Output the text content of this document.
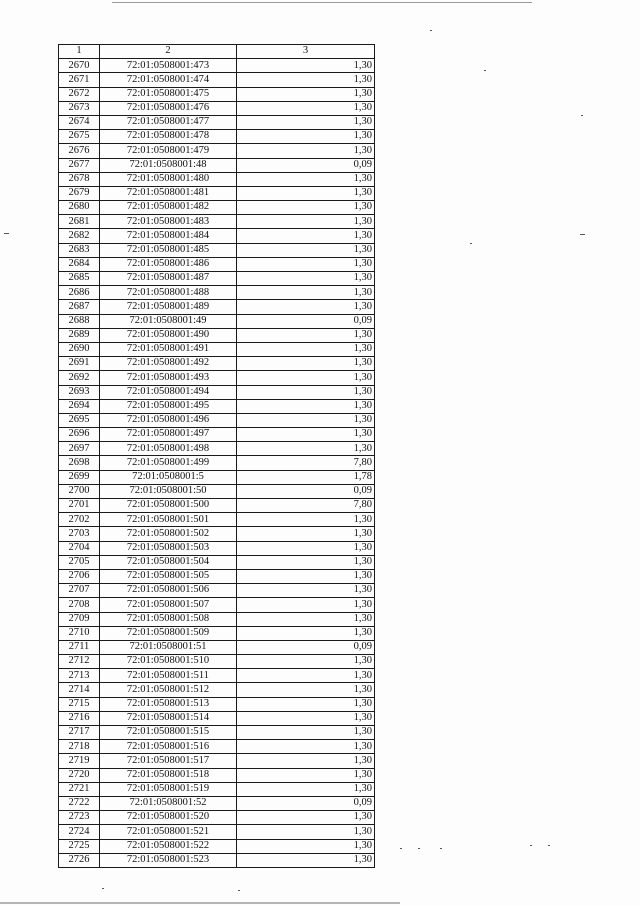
1	2	3
2670	72:01:0508001:473	1,30
2671	72:01:0508001:474	1,30
2672	72:01:0508001:475	1,30
2673	72:01:0508001:476	1,30
2674	72:01:0508001:477	1,30
2675	72:01:0508001:478	1,30
2676	72:01:0508001:479	1,30
2677	72:01:0508001:48	0,09
2678	72:01:0508001:480	1,30
2679	72:01:0508001:481	1,30
2680	72:01:0508001:482	1,30
2681	72:01:0508001:483	1,30
2682	72:01:0508001:484	1,30
2683	72:01:0508001:485	1,30
2684	72:01:0508001:486	1,30
2685	72:01:0508001:487	1,30
2686	72:01:0508001:488	1,30
2687	72:01:0508001:489	1,30
2688	72:01:0508001:49	0,09
2689	72:01:0508001:490	1,30
2690	72:01:0508001:491	1,30
2691	72:01:0508001:492	1,30
2692	72:01:0508001:493	1,30
2693	72:01:0508001:494	1,30
2694	72:01:0508001:495	1,30
2695	72:01:0508001:496	1,30
2696	72:01:0508001:497	1,30
2697	72:01:0508001:498	1,30
2698	72:01:0508001:499	7,80
2699	72:01:0508001:5	1,78
2700	72:01:0508001:50	0,09
2701	72:01:0508001:500	7,80
2702	72:01:0508001:501	1,30
2703	72:01:0508001:502	1,30
2704	72:01:0508001:503	1,30
2705	72:01:0508001:504	1,30
2706	72:01:0508001:505	1,30
2707	72:01:0508001:506	1,30
2708	72:01:0508001:507	1,30
2709	72:01:0508001:508	1,30
2710	72:01:0508001:509	1,30
2711	72:01:0508001:51	0,09
2712	72:01:0508001:510	1,30
2713	72:01:0508001:511	1,30
2714	72:01:0508001:512	1,30
2715	72:01:0508001:513	1,30
2716	72:01:0508001:514	1,30
2717	72:01:0508001:515	1,30
2718	72:01:0508001:516	1,30
2719	72:01:0508001:517	1,30
2720	72:01:0508001:518	1,30
2721	72:01:0508001:519	1,30
2722	72:01:0508001:52	0,09
2723	72:01:0508001:520	1,30
2724	72:01:0508001:521	1,30
2725	72:01:0508001:522	1,30
2726	72:01:0508001:523	1,30
